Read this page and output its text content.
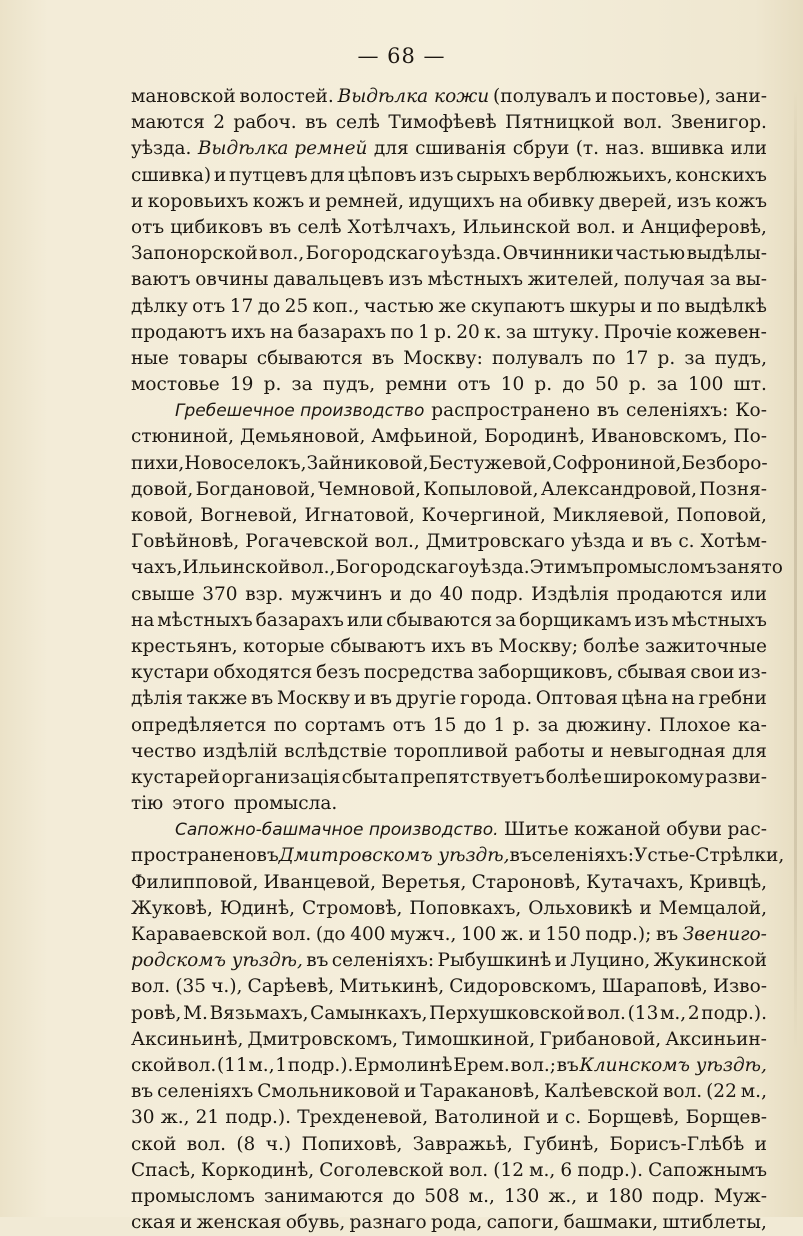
— 68 —
мановской волостей. Выдѣлка кожи (полувалъ и постовье), зани-
маются 2 рабоч. въ селѣ Тимофѣевѣ Пятницкой вол. Звенигор.
уѣзда. Выдѣлка ремней для сшиванія сбруи (т. наз. вшивка или
сшивка) и путцевъ для цѣповъ изъ сырыхъ верблюжьихъ, конскихъ
и коровьихъ кожъ и ремней, идущихъ на обивку дверей, изъ кожъ
отъ цибиковъ въ селѣ Хотѣлчахъ, Ильинской вол. и Анциферовѣ,
Запонорской вол., Богородскаго уѣзда. Овчинники частью выдѣлы-
ваютъ овчины давальцевъ изъ мѣстныхъ жителей, получая за вы-
дѣлку отъ 17 до 25 коп., частью же скупаютъ шкуры и по выдѣлкѣ
продаютъ ихъ на базарахъ по 1 р. 20 к. за штуку. Прочіе кожевен-
ные товары сбываются въ Москву: полувалъ по 17 р. за пудъ,
мостовье 19 р. за пудъ, ремни отъ 10 р. до 50 р. за 100 шт.
Гребешечное производство распространено въ селеніяхъ: Ко-
стюниной, Демьяновой, Амфьиной, Бородинѣ, Ивановскомъ, По-
пихи, Новоселокъ, Зайниковой, Бестужевой, Софрониной, Безборо-
довой, Богдановой, Чемновой, Копыловой, Александровой, Позня-
ковой, Вогневой, Игнатовой, Кочергиной, Микляевой, Поповой,
Говѣйновѣ, Рогачевской вол., Дмитровскаго уѣзда и въ с. Хотѣм-
чахъ, Ильинской вол., Богородскаго уѣзда. Этимъ промысломъ занято
свыше 370 взр. мужчинъ и до 40 подр. Издѣлія продаются или
на мѣстныхъ базарахъ или сбываются за борщикамъ изъ мѣстныхъ
крестьянъ, которые сбываютъ ихъ въ Москву; болѣе зажиточные
кустари обходятся безъ посредства заборщиковъ, сбывая свои из-
дѣлія также въ Москву и въ другіе города. Оптовая цѣна на гребни
опредѣляется по сортамъ отъ 15 до 1 р. за дюжину. Плохое ка-
чество издѣлій вслѣдствіе торопливой работы и невыгодная для
кустарей организація сбыта препятствуетъ болѣе широкому разви-
тію этого промысла.
Сапожно-башмачное производство. Шитье кожаной обуви рас-
пространено въ Дмитровскомъ уѣздѣ, въ селеніяхъ: Устье-Стрѣлки,
Филипповой, Иванцевой, Веретья, Староновѣ, Кутачахъ, Кривцѣ,
Жуковѣ, Юдинѣ, Стромовѣ, Поповкахъ, Ольховикѣ и Мемцалой,
Караваевской вол. (до 400 мужч., 100 ж. и 150 подр.); въ Звениго-
родскомъ уѣздѣ, въ селеніяхъ: Рыбушкинѣ и Луцино, Жукинской
вол. (35 ч.), Сарѣевѣ, Митькинѣ, Сидоровскомъ, Шараповѣ, Изво-
ровѣ, М. Вязьмахъ, Самынкахъ, Перхушковской вол. (13 м., 2 подр.).
Аксиньинѣ, Дмитровскомъ, Тимошкиной, Грибановой, Аксиньин-
ской вол. (11 м., 1 подр.). Ермолинѣ Ерем. вол.; въ Клинскомъ уѣздѣ,
въ селеніяхъ Смольниковой и Таракановѣ, Калѣевской вол. (22 м.,
30 ж., 21 подр.). Трехденевой, Ватолиной и с. Борщевѣ, Борщев-
ской вол. (8 ч.) Попиховѣ, Завражьѣ, Губинѣ, Борисъ-Глѣбѣ и
Спасѣ, Коркодинѣ, Соголевской вол. (12 м., 6 подр.). Сапожнымъ
промысломъ занимаются до 508 м., 130 ж., и 180 подр. Муж-
ская и женская обувь, разнаго рода, сапоги, башмаки, штиблеты,
